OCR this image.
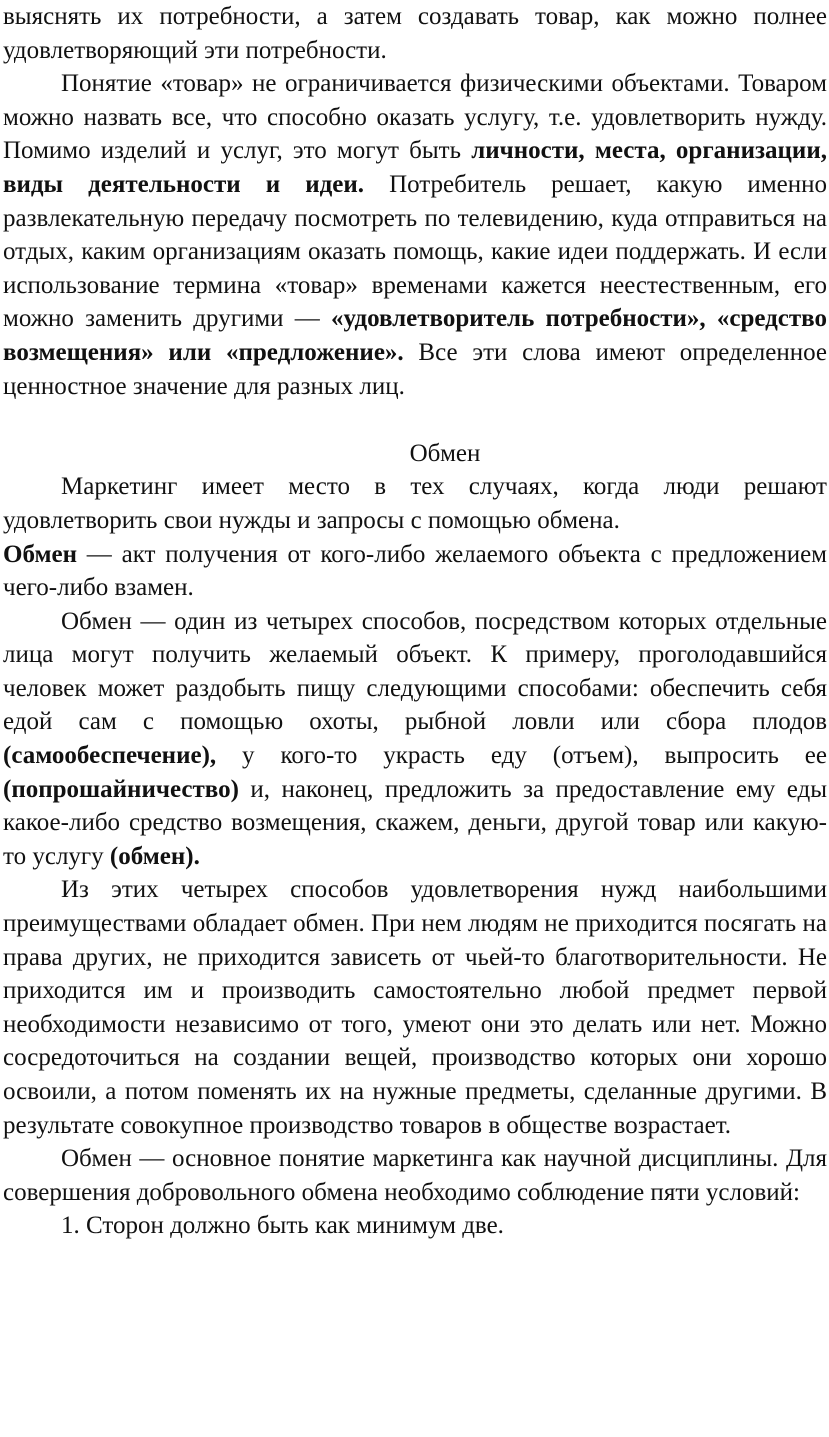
выяснять их потребности, а затем создавать товар, как можно полнее удовлетворяющий эти потребности.

Понятие «товар» не ограничивается физическими объектами. Товаром можно назвать все, что способно оказать услугу, т.е. удовлетворить нужду. Помимо изделий и услуг, это могут быть личности, места, организации, виды деятельности и идеи. Потребитель решает, какую именно развлекательную передачу посмотреть по телевидению, куда отправиться на отдых, каким организациям оказать помощь, какие идеи поддержать. И если использование термина «товар» временами кажется неестественным, его можно заменить другими — «удовлетворитель потребности», «средство возмещения» или «предложение». Все эти слова имеют определенное ценностное значение для разных лиц.

Обмен

Маркетинг имеет место в тех случаях, когда люди решают удовлетворить свои нужды и запросы с помощью обмена.

Обмен — акт получения от кого-либо желаемого объекта с предложением чего-либо взамен.

Обмен — один из четырех способов, посредством которых отдельные лица могут получить желаемый объект. К примеру, проголодавшийся человек может раздобыть пищу следующими способами: обеспечить себя едой сам с помощью охоты, рыбной ловли или сбора плодов (самообеспечение), у кого-то украсть еду (отъем), выпросить ее (попрошайничество) и, наконец, предложить за предоставление ему еды какое-либо средство возмещения, скажем, деньги, другой товар или какую-то услугу (обмен).

Из этих четырех способов удовлетворения нужд наибольшими преимуществами обладает обмен. При нем людям не приходится посягать на права других, не приходится зависеть от чьей-то благотворительности. Не приходится им и производить самостоятельно любой предмет первой необходимости независимо от того, умеют они это делать или нет. Можно сосредоточиться на создании вещей, производство которых они хорошо освоили, а потом поменять их на нужные предметы, сделанные другими. В результате совокупное производство товаров в обществе возрастает.

Обмен — основное понятие маркетинга как научной дисциплины. Для совершения добровольного обмена необходимо соблюдение пяти условий:

1. Сторон должно быть как минимум две.
